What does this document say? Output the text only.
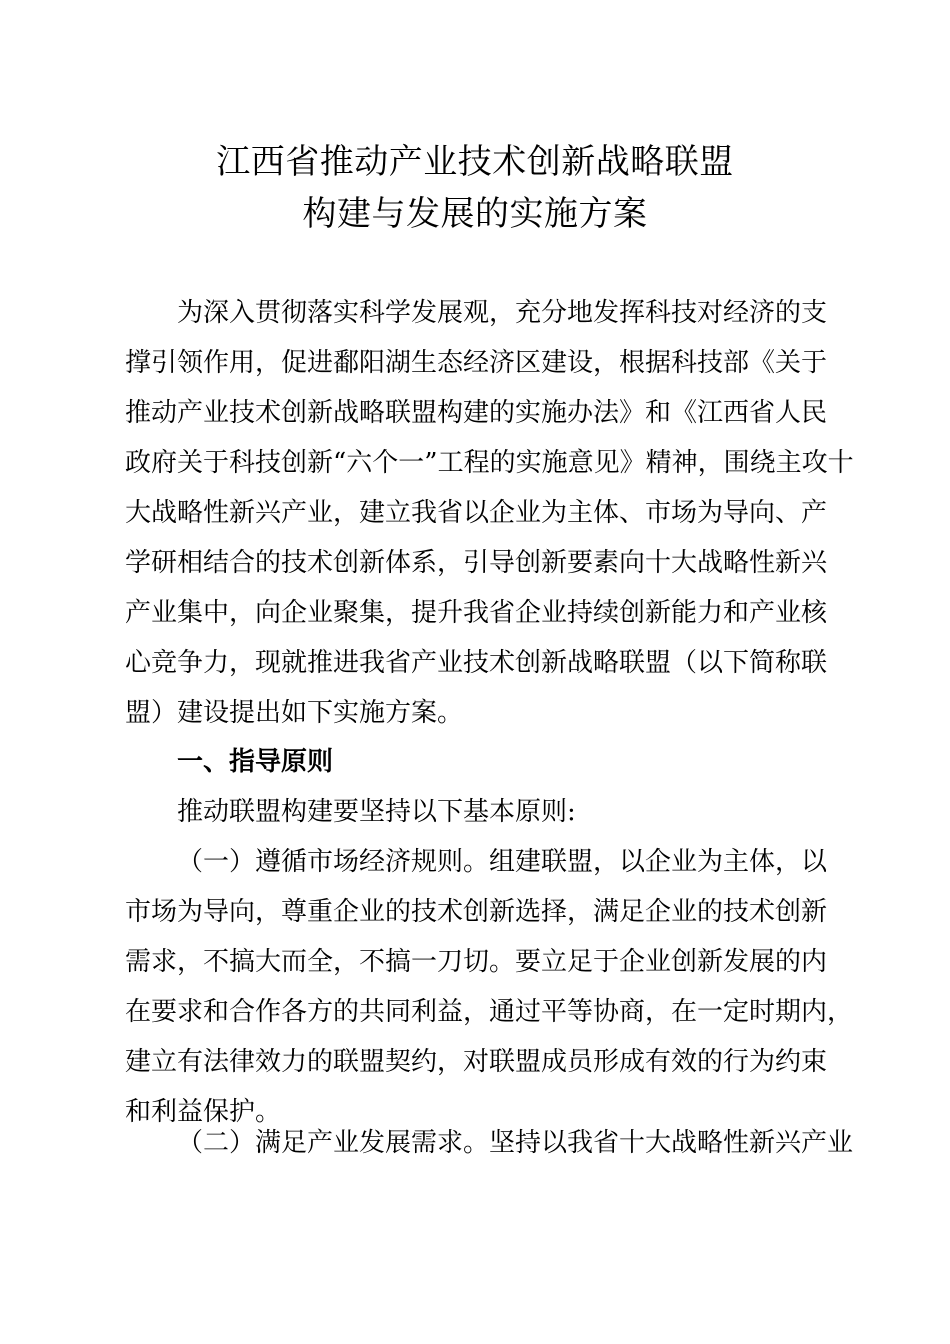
江西省推动产业技术创新战略联盟
构建与发展的实施方案
为深入贯彻落实科学发展观，充分地发挥科技对经济的支
撑引领作用，促进鄱阳湖生态经济区建设，根据科技部《关于
推动产业技术创新战略联盟构建的实施办法》和《江西省人民
政府关于科技创新“六个一”工程的实施意见》精神，围绕主攻十
大战略性新兴产业，建立我省以企业为主体、市场为导向、产
学研相结合的技术创新体系，引导创新要素向十大战略性新兴
产业集中，向企业聚集，提升我省企业持续创新能力和产业核
心竞争力，现就推进我省产业技术创新战略联盟（以下简称联
盟）建设提出如下实施方案。
一、指导原则
推动联盟构建要坚持以下基本原则:
（一）遵循市场经济规则。组建联盟，以企业为主体，以
市场为导向，尊重企业的技术创新选择，满足企业的技术创新
需求，不搞大而全，不搞一刀切。要立足于企业创新发展的内
在要求和合作各方的共同利益，通过平等协商，在一定时期内，
建立有法律效力的联盟契约，对联盟成员形成有效的行为约束
和利益保护。
（二）满足产业发展需求。坚持以我省十大战略性新兴产业
